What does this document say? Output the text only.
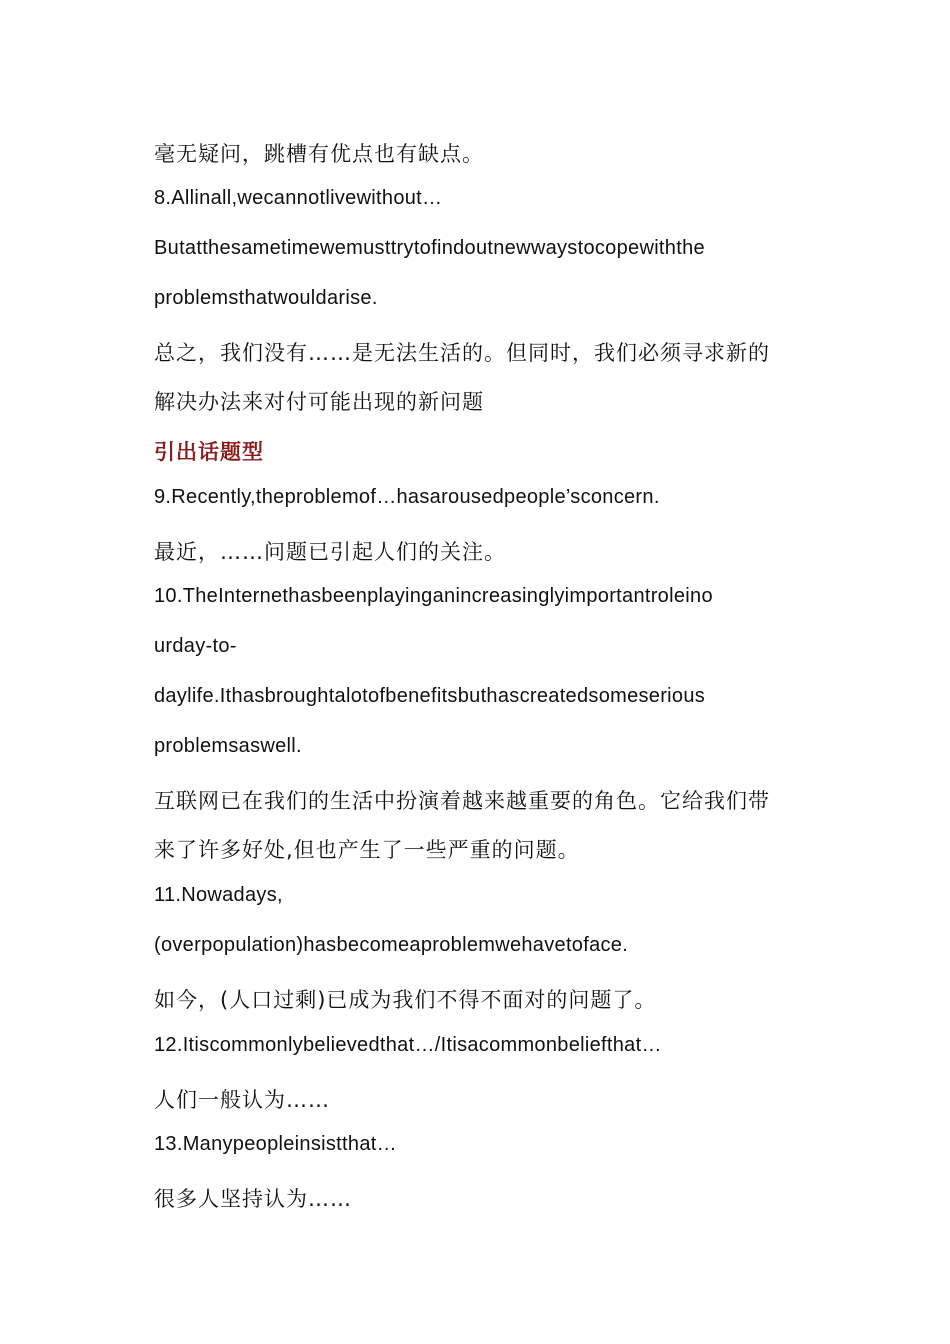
毫无疑问，跳槽有优点也有缺点。
8.Allinall,wecannotlivewithout…
Butatthesametimewemusttrytofindoutnewwaystocopewiththe
problemsthatwouldarise.
总之，我们没有……是无法生活的。但同时，我们必须寻求新的
解决办法来对付可能出现的新问题
引出话题型
9.Recently,theproblemof…hasarousedpeople’sconcern.
最近，……问题已引起人们的关注。
10.TheInternethasbeenplayinganincreasinglyimportantroleino
urday-to-
daylife.Ithasbroughtalotofbenefitsbuthascreatedsomeserious
problemsaswell.
互联网已在我们的生活中扮演着越来越重要的角色。它给我们带
来了许多好处,但也产生了一些严重的问题。
11.Nowadays,
(overpopulation)hasbecomeaproblemwehavetoface.
如今，(人口过剩)已成为我们不得不面对的问题了。
12.Itiscommonlybelievedthat…/Itisacommonbeliefthat…
人们一般认为……
13.Manypeopleinsistthat…
很多人坚持认为……
